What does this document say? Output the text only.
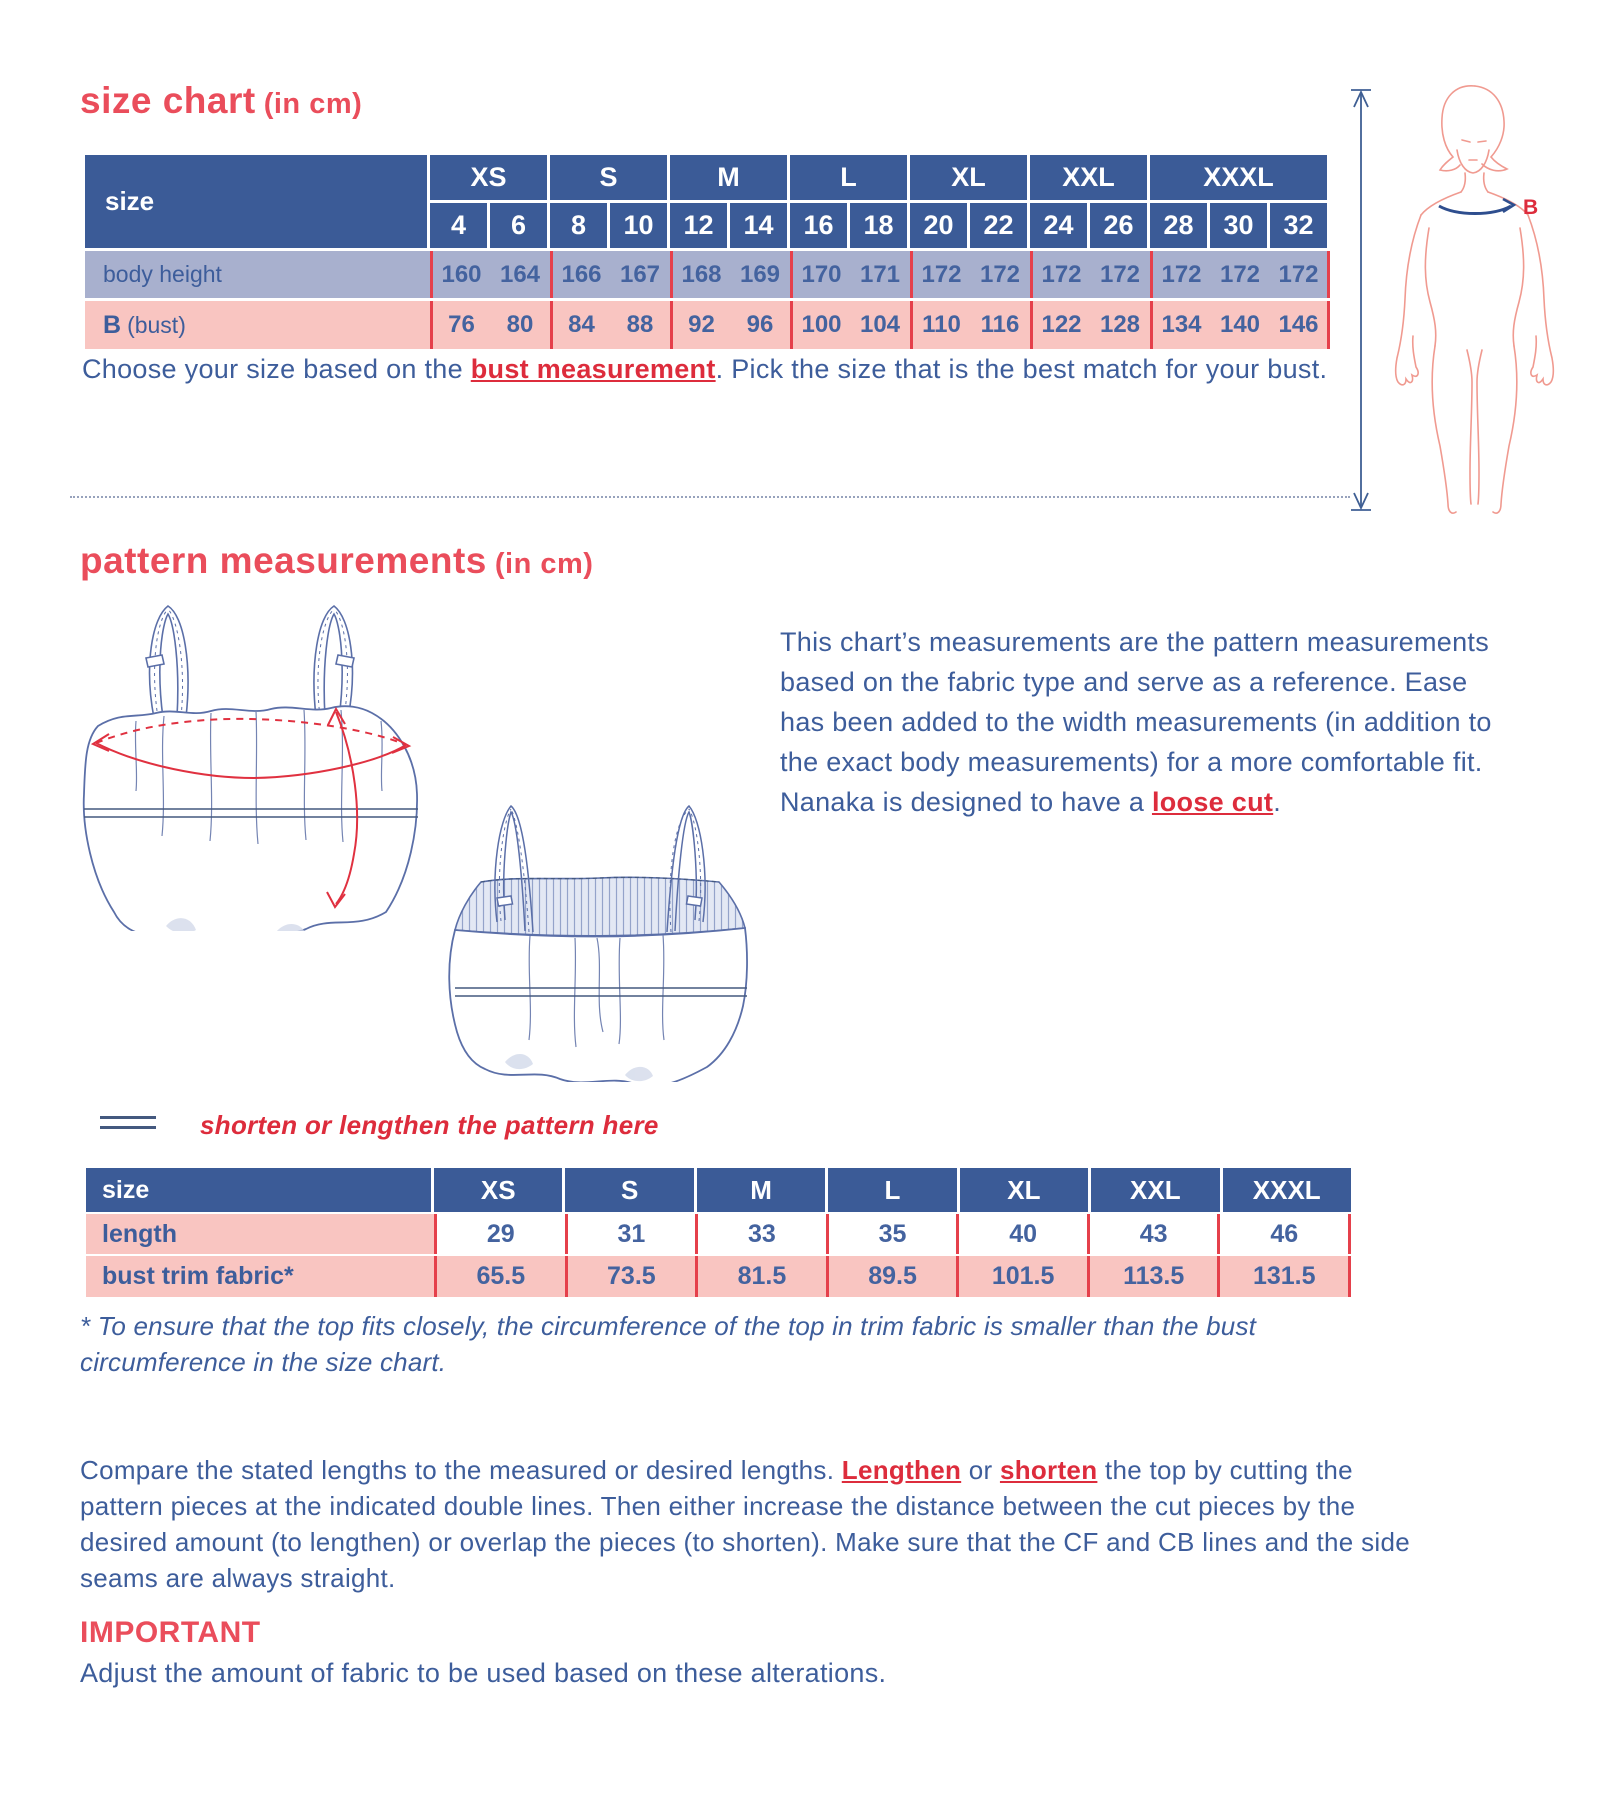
size chart (in cm)
size
XS	S	M	L	XL	XXL	XXXL
4	6	8	10	12	14	16	18	20	22	24	26	28	30	32
body height	160 164 166 167 168 169 170 171 172 172 172 172 172 172 172
B (bust)	76	80	84	88	92	96	100 104 110 116 122 128 134 140 146
Choose your size based on the bust measurement. Pick the size that is the best match for your bust.
B
pattern measurements (in cm)
This chart’s measurements are the pattern measurements based on the fabric type and serve as a reference. Ease has been added to the width measurements (in addition to the exact body measurements) for a more comfortable fit. Nanaka is designed to have a loose cut.
shorten or lengthen the pattern here
size	XS	S	M	L	XL	XXL	XXXL
length	29	31	33	35	40	43	46
bust trim fabric*	65.5	73.5	81.5	89.5	101.5	113.5	131.5
* To ensure that the top fits closely, the circumference of the top in trim fabric is smaller than the bust circumference in the size chart.
Compare the stated lengths to the measured or desired lengths. Lengthen or shorten the top by cutting the pattern pieces at the indicated double lines. Then either increase the distance between the cut pieces by the desired amount (to lengthen) or overlap the pieces (to shorten). Make sure that the CF and CB lines and the side seams are always straight.
IMPORTANT
Adjust the amount of fabric to be used based on these alterations.
